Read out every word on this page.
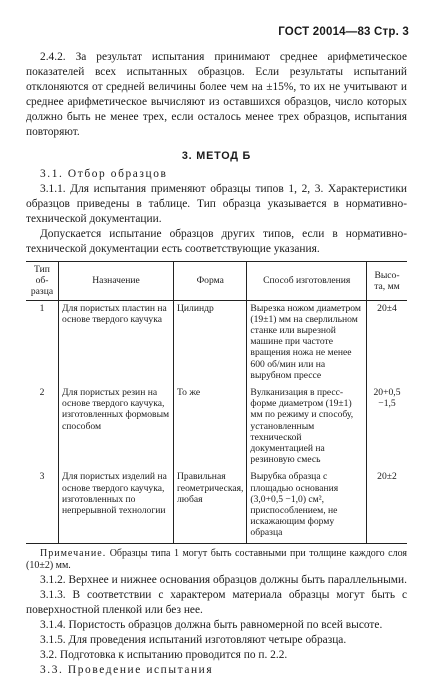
ГОСТ 20014—83 Стр. 3

2.4.2. За результат испытания принимают среднее арифметическое показателей всех испытанных образцов. Если результаты испытаний отклоняются от средней величины более чем на ±15%, то их не учитывают и среднее арифметическое вычисляют из оставшихся образцов, число которых должно быть не менее трех, если осталось менее трех образцов, испытания повторяют.

3. МЕТОД Б

3.1. Отбор образцов

3.1.1. Для испытания применяют образцы типов 1, 2, 3. Характеристики образцов приведены в таблице. Тип образца указывается в нормативно-технической документации.

Допускается испытание образцов других типов, если в нормативно-технической документации есть соответствующие указания.

Тип об-разца	Назначение	Форма	Способ изготовления	Высо-та, мм
1	Для пористых пластин на основе твердого каучука	Цилиндр	Вырезка ножом диаметром (19±1) мм на сверлильном станке или вырезной машине при частоте вращения ножа не менее 600 об/мин или на вырубном прессе	20±4
2	Для пористых резин на основе твердого каучука, изготовленных формовым способом	То же	Вулканизация в пресс-форме диаметром (19±1) мм по режиму и способу, установленным технической документацией на резиновую смесь	20+0,5 −1,5
3	Для пористых изделий на основе твердого каучука, изготовленных по непрерывной технологии	Правильная геометрическая, любая	Вырубка образца с площадью основания (3,0+0,5 −1,0) см², приспособлением, не искажающим форму образца	20±2
Примечание. Образцы типа 1 могут быть составными при толщине каждого слоя (10±2) мм.

3.1.2. Верхнее и нижнее основания образцов должны быть параллельными.

3.1.3. В соответствии с характером материала образцы могут быть с поверхностной пленкой или без нее.

3.1.4. Пористость образцов должна быть равномерной по всей высоте.

3.1.5. Для проведения испытаний изготовляют четыре образца.

3.2. Подготовка к испытанию проводится по п. 2.2.

3.3. Проведение испытания
